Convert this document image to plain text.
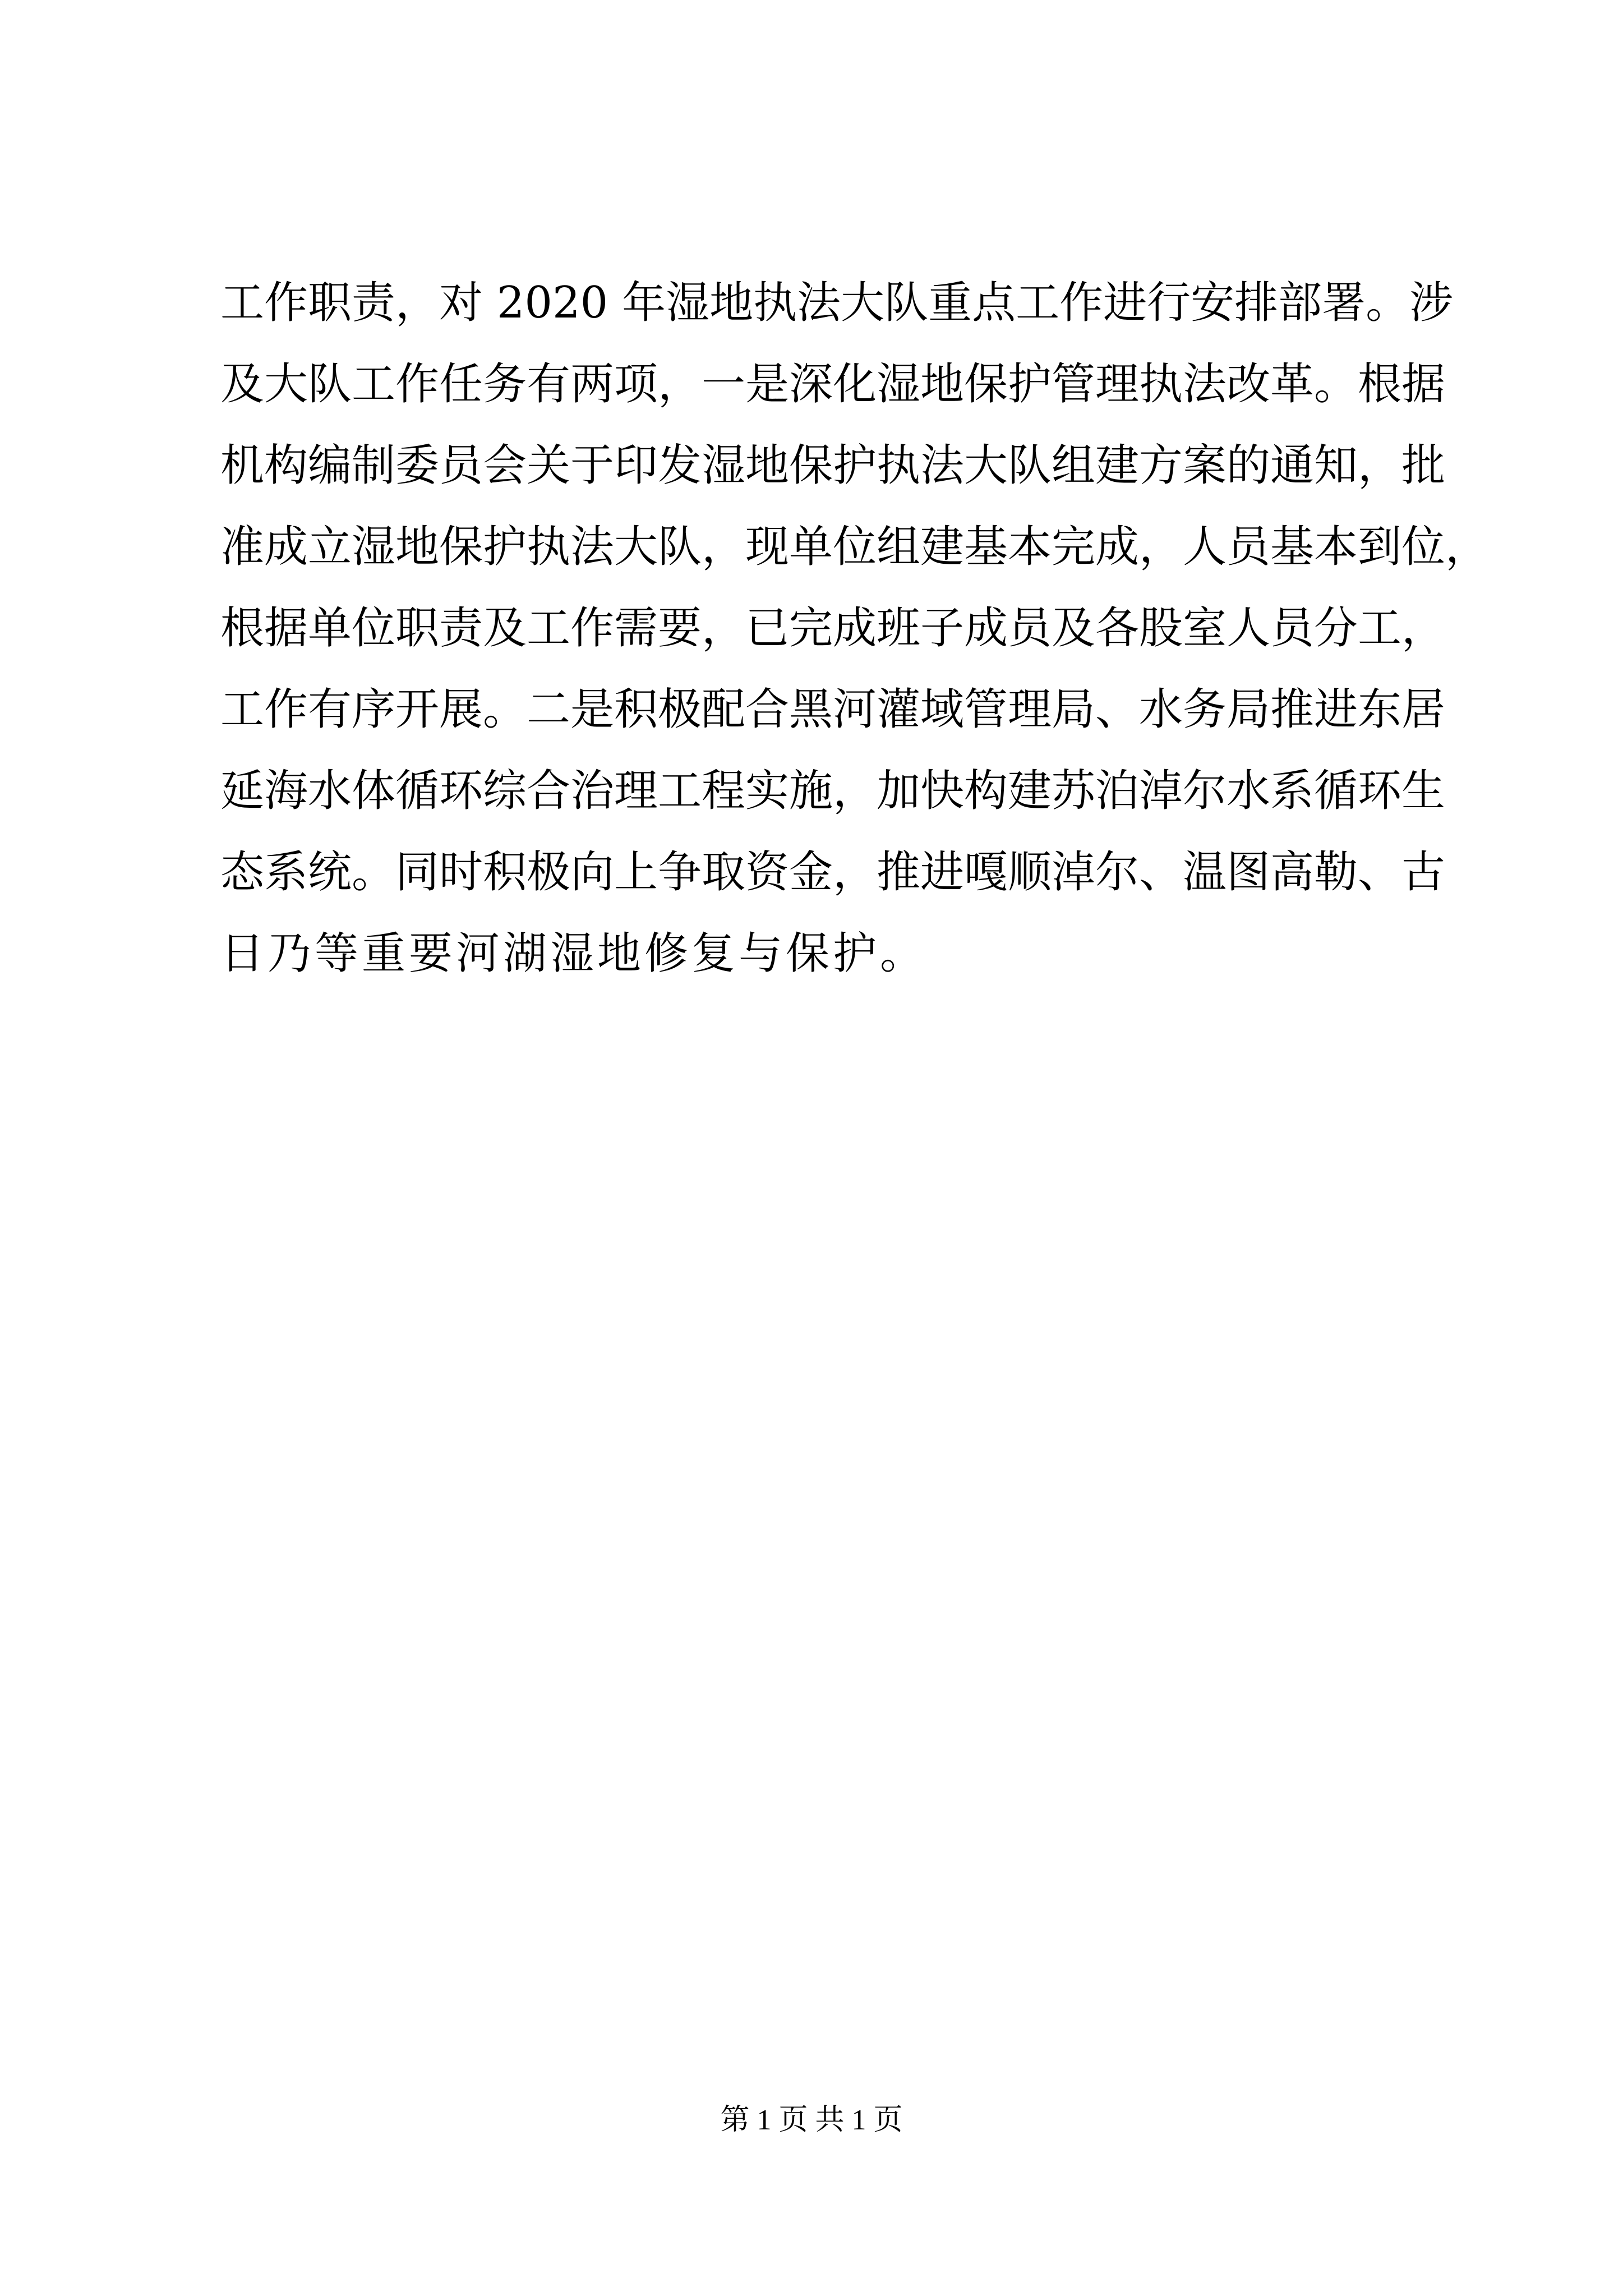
工作职责，对 2020 年湿地执法大队重点工作进行安排部署。涉
及大队工作任务有两项，一是深化湿地保护管理执法改革。根据
机构编制委员会关于印发湿地保护执法大队组建方案的通知，批
准成立湿地保护执法大队，现单位组建基本完成，人员基本到位，
根据单位职责及工作需要，已完成班子成员及各股室人员分工，
工作有序开展。二是积极配合黑河灌域管理局、水务局推进东居
延海水体循环综合治理工程实施，加快构建苏泊淖尔水系循环生
态系统。同时积极向上争取资金，推进嘎顺淖尔、温图高勒、古
日乃等重要河湖湿地修复与保护。
第 1 页 共 1 页
